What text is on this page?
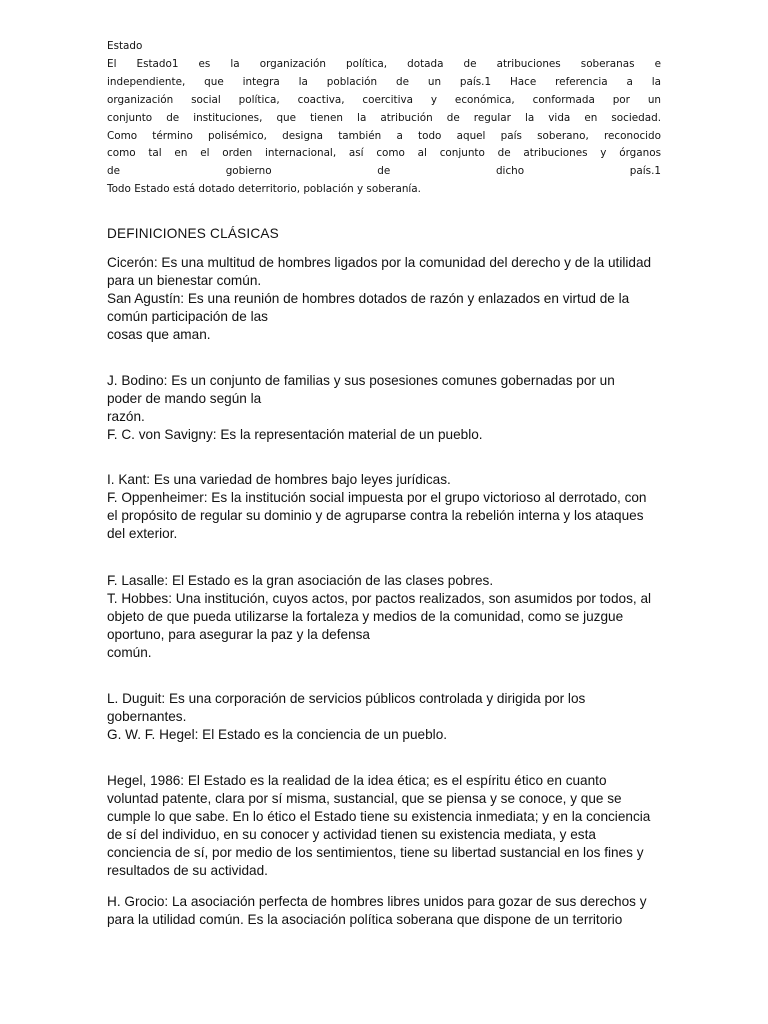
Estado
El Estado1 es la organización política, dotada de atribuciones soberanas e
independiente, que integra la población de un país.1 Hace referencia a la
organización social política, coactiva, coercitiva y económica, conformada por un
conjunto de instituciones, que tienen la atribución de regular la vida en sociedad.
Como término polisémico, designa también a todo aquel país soberano, reconocido
como tal en el orden internacional, así como al conjunto de atribuciones y órganos
de gobierno de dicho país.1
Todo Estado está dotado deterritorio, población y soberanía.
DEFINICIONES CLÁSICAS

Cicerón: Es una multitud de hombres ligados por la comunidad del derecho y de la utilidad

para un bienestar común.

San Agustín: Es una reunión de hombres dotados de razón y enlazados en virtud de la

común participación de las

cosas que aman.

J. Bodino: Es un conjunto de familias y sus posesiones comunes gobernadas por un

poder de mando según la

razón.

F. C. von Savigny: Es la representación material de un pueblo.

I. Kant: Es una variedad de hombres bajo leyes jurídicas.

F. Oppenheimer: Es la institución social impuesta por el grupo victorioso al derrotado, con

el propósito de regular su dominio y de agruparse contra la rebelión interna y los ataques

del exterior.

F. Lasalle: El Estado es la gran asociación de las clases pobres.

T. Hobbes: Una institución, cuyos actos, por pactos realizados, son asumidos por todos, al

objeto de que pueda utilizarse la fortaleza y medios de la comunidad, como se juzgue

oportuno, para asegurar la paz y la defensa

común.

L. Duguit: Es una corporación de servicios públicos controlada y dirigida por los

gobernantes.

G. W. F. Hegel: El Estado es la conciencia de un pueblo.

Hegel, 1986: El Estado es la realidad de la idea ética; es el espíritu ético en cuanto

voluntad patente, clara por sí misma, sustancial, que se piensa y se conoce, y que se

cumple lo que sabe. En lo ético el Estado tiene su existencia inmediata; y en la conciencia

de sí del individuo, en su conocer y actividad tienen su existencia mediata, y esta

conciencia de sí, por medio de los sentimientos, tiene su libertad sustancial en los fines y

resultados de su actividad.

H. Grocio: La asociación perfecta de hombres libres unidos para gozar de sus derechos y

para la utilidad común. Es la asociación política soberana que dispone de un territorio
